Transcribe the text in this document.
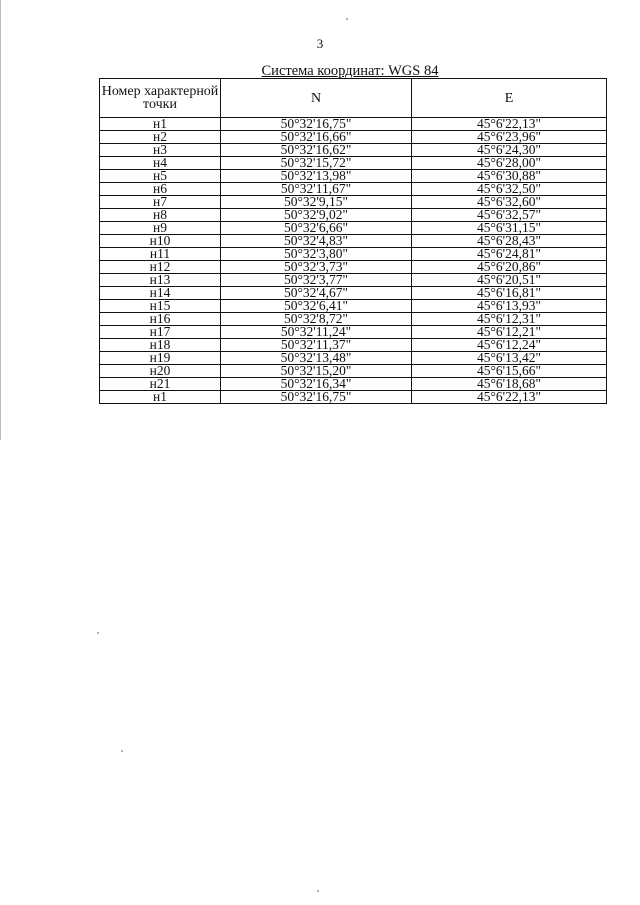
3
Система координат: WGS 84
Номер характерной точки	N	E
н1	50°32'16,75"	45°6'22,13"
н2	50°32'16,66"	45°6'23,96"
н3	50°32'16,62"	45°6'24,30"
н4	50°32'15,72"	45°6'28,00"
н5	50°32'13,98"	45°6'30,88"
н6	50°32'11,67"	45°6'32,50"
н7	50°32'9,15"	45°6'32,60"
н8	50°32'9,02"	45°6'32,57"
н9	50°32'6,66"	45°6'31,15"
н10	50°32'4,83"	45°6'28,43"
н11	50°32'3,80"	45°6'24,81"
н12	50°32'3,73"	45°6'20,86"
н13	50°32'3,77"	45°6'20,51"
н14	50°32'4,67"	45°6'16,81"
н15	50°32'6,41"	45°6'13,93"
н16	50°32'8,72"	45°6'12,31"
н17	50°32'11,24"	45°6'12,21"
н18	50°32'11,37"	45°6'12,24"
н19	50°32'13,48"	45°6'13,42"
н20	50°32'15,20"	45°6'15,66"
н21	50°32'16,34"	45°6'18,68"
н1	50°32'16,75"	45°6'22,13"
